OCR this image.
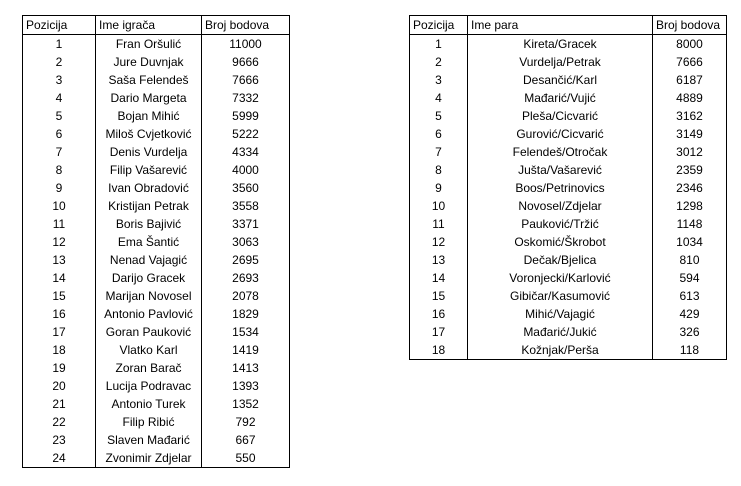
Pozicija	Ime igrača	Broj bodova
1	Fran Oršulić	11000
2	Jure Duvnjak	9666
3	Saša Felendeš	7666
4	Dario Margeta	7332
5	Bojan Mihić	5999
6	Miloš Cvjetković	5222
7	Denis Vurdelja	4334
8	Filip Vašarević	4000
9	Ivan Obradović	3560
10	Kristijan Petrak	3558
11	Boris Bajivić	3371
12	Ema Šantić	3063
13	Nenad Vajagić	2695
14	Darijo Gracek	2693
15	Marijan Novosel	2078
16	Antonio Pavlović	1829
17	Goran Pauković	1534
18	Vlatko Karl	1419
19	Zoran Barač	1413
20	Lucija Podravac	1393
21	Antonio Turek	1352
22	Filip Ribić	792
23	Slaven Mađarić	667
24	Zvonimir Zdjelar	550
Pozicija	Ime para	Broj bodova
1	Kireta/Gracek	8000
2	Vurdelja/Petrak	7666
3	Desančić/Karl	6187
4	Mađarić/Vujić	4889
5	Pleša/Cicvarić	3162
6	Gurović/Cicvarić	3149
7	Felendeš/Otročak	3012
8	Jušta/Vašarević	2359
9	Boos/Petrinovics	2346
10	Novosel/Zdjelar	1298
11	Pauković/Tržić	1148
12	Oskomić/Škrobot	1034
13	Dečak/Bjelica	810
14	Voronjecki/Karlović	594
15	Gibičar/Kasumović	613
16	Mihić/Vajagić	429
17	Mađarić/Jukić	326
18	Kožnjak/Perša	118
